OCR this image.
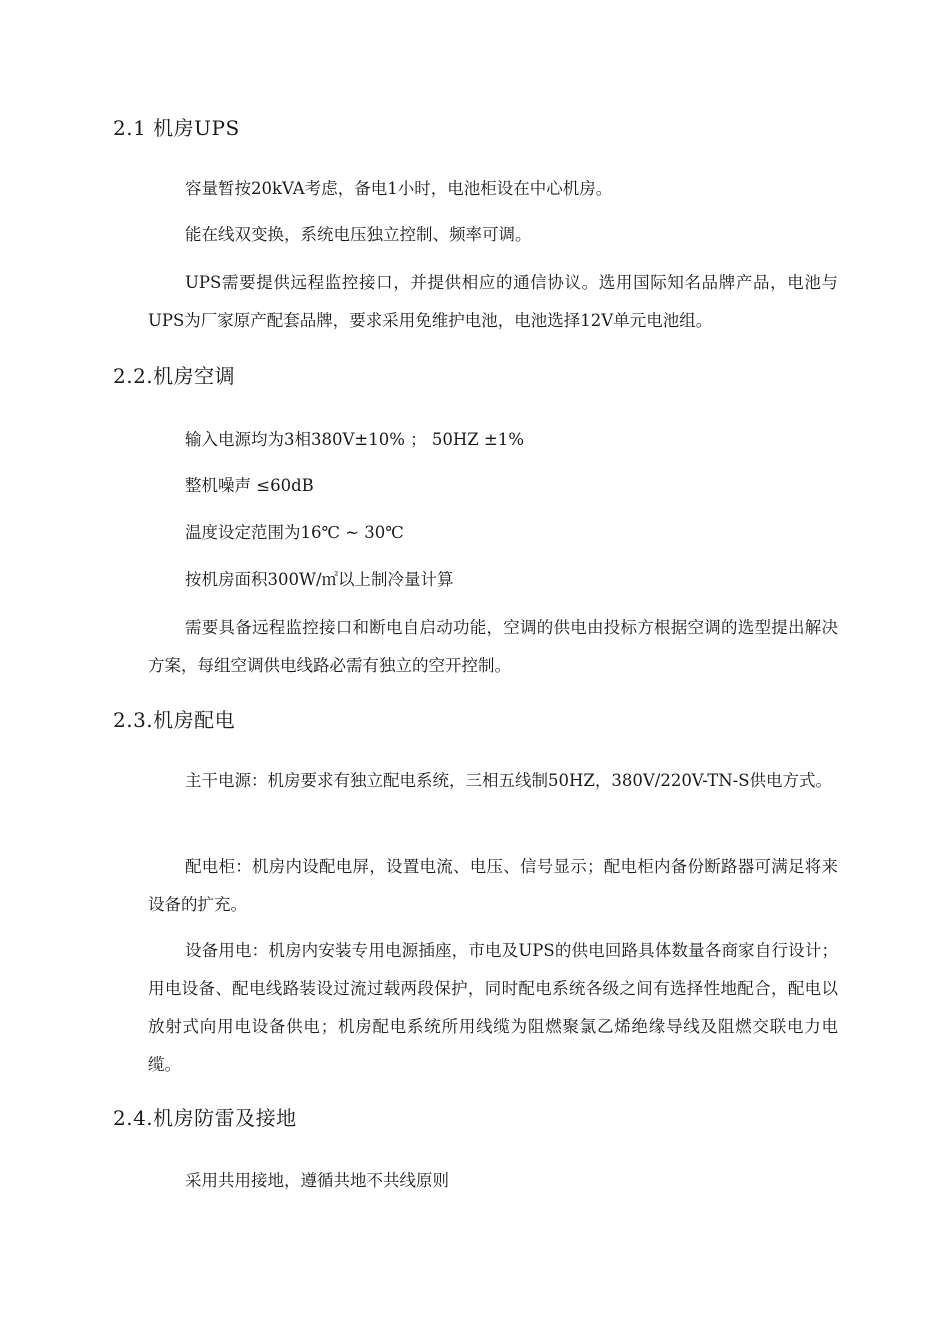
2.1 机房UPS

容量暂按20kVA考虑，备电1小时，电池柜设在中心机房。

能在线双变换，系统电压独立控制、频率可调。

UPS需要提供远程监控接口，并提供相应的通信协议。选用国际知名品牌产品，电池与UPS为厂家原产配套品牌，要求采用免维护电池，电池选择12V单元电池组。

2.2.机房空调

输入电源均为3相380V±10% ； 50HZ ±1%

整机噪声 ≤60dB

温度设定范围为16℃ ~ 30℃

按机房面积300W/㎡以上制冷量计算

需要具备远程监控接口和断电自启动功能，空调的供电由投标方根据空调的选型提出解决方案，每组空调供电线路必需有独立的空开控制。

2.3.机房配电

主干电源：机房要求有独立配电系统，三相五线制50HZ，380V/220V-TN-S供电方式。

配电柜：机房内设配电屏，设置电流、电压、信号显示；配电柜内备份断路器可满足将来设备的扩充。

设备用电：机房内安装专用电源插座，市电及UPS的供电回路具体数量各商家自行设计；用电设备、配电线路装设过流过载两段保护，同时配电系统各级之间有选择性地配合，配电以放射式向用电设备供电；机房配电系统所用线缆为阻燃聚氯乙烯绝缘导线及阻燃交联电力电缆。

2.4.机房防雷及接地

采用共用接地，遵循共地不共线原则
